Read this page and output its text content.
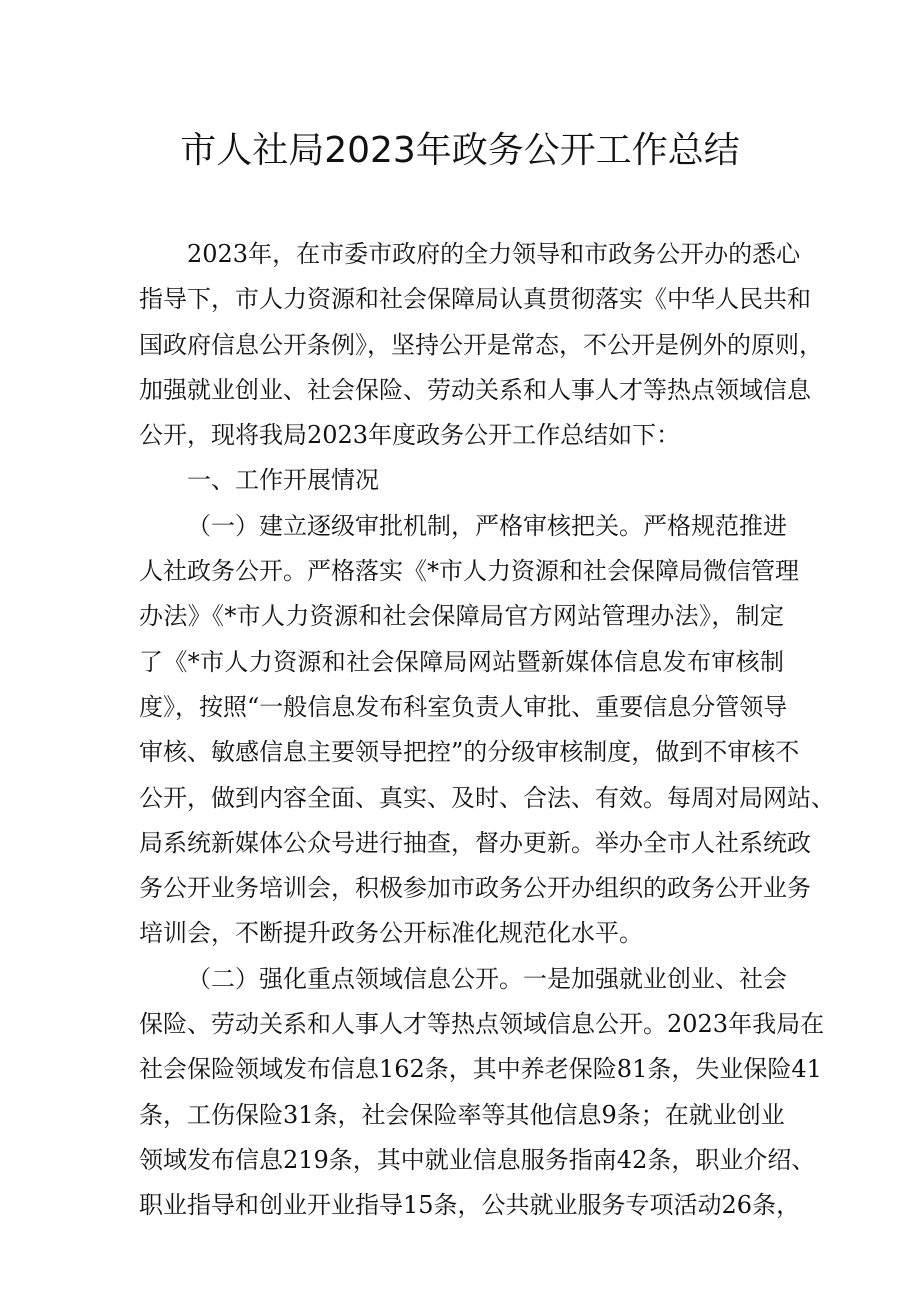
市人社局2023年政务公开工作总结
2023年，在市委市政府的全力领导和市政务公开办的悉心
指导下，市人力资源和社会保障局认真贯彻落实《中华人民共和
国政府信息公开条例》，坚持公开是常态，不公开是例外的原则，
加强就业创业、社会保险、劳动关系和人事人才等热点领域信息
公开，现将我局2023年度政务公开工作总结如下：
一、工作开展情况
（一）建立逐级审批机制，严格审核把关。严格规范推进
人社政务公开。严格落实《*市人力资源和社会保障局微信管理
办法》《*市人力资源和社会保障局官方网站管理办法》，制定
了《*市人力资源和社会保障局网站暨新媒体信息发布审核制
度》，按照“一般信息发布科室负责人审批、重要信息分管领导
审核、敏感信息主要领导把控”的分级审核制度，做到不审核不
公开，做到内容全面、真实、及时、合法、有效。每周对局网站、
局系统新媒体公众号进行抽查，督办更新。举办全市人社系统政
务公开业务培训会，积极参加市政务公开办组织的政务公开业务
培训会，不断提升政务公开标准化规范化水平。
（二）强化重点领域信息公开。一是加强就业创业、社会
保险、劳动关系和人事人才等热点领域信息公开。2023年我局在
社会保险领域发布信息162条，其中养老保险81条，失业保险41
条，工伤保险31条，社会保险率等其他信息9条；在就业创业
领域发布信息219条，其中就业信息服务指南42条，职业介绍、
职业指导和创业开业指导15条，公共就业服务专项活动26条，
